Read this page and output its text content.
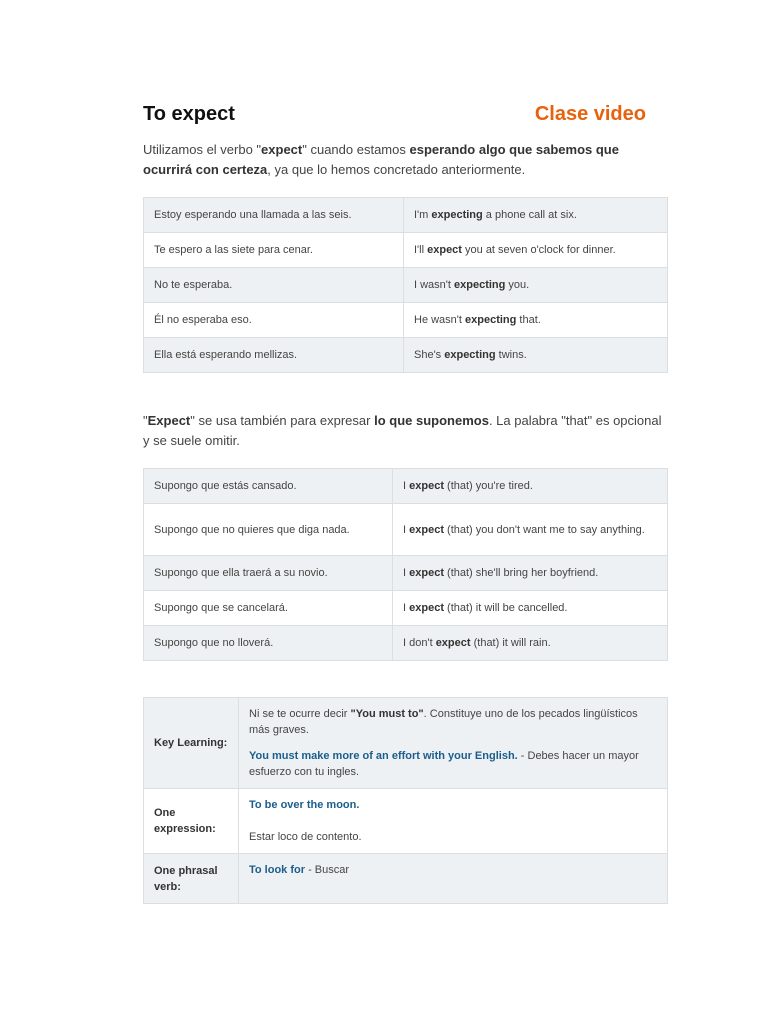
To expect	Clase video

Utilizamos el verbo "expect" cuando estamos esperando algo que sabemos que ocurrirá con certeza, ya que lo hemos concretado anteriormente.

Estoy esperando una llamada a las seis.	I'm expecting a phone call at six.
Te espero a las siete para cenar.	I'll expect you at seven o'clock for dinner.
No te esperaba.	I wasn't expecting you.
Él no esperaba eso.	He wasn't expecting that.
Ella está esperando mellizas.	She's expecting twins.

"Expect" se usa también para expresar lo que suponemos. La palabra "that" es opcional y se suele omitir.

Supongo que estás cansado.	I expect (that) you're tired.
Supongo que no quieres que diga nada.	I expect (that) you don't want me to say anything.
Supongo que ella traerá a su novio.	I expect (that) she'll bring her boyfriend.
Supongo que se cancelará.	I expect (that) it will be cancelled.
Supongo que no lloverá.	I don't expect (that) it will rain.
Key Learning:	Ni se te ocurre decir "You must to". Constituye uno de los pecados lingüísticos más graves.
You must make more of an effort with your English. - Debes hacer un mayor esfuerzo con tu ingles.

One expression:	To be over the moon.
Estar loco de contento.

One phrasal verb:	To look for - Buscar
